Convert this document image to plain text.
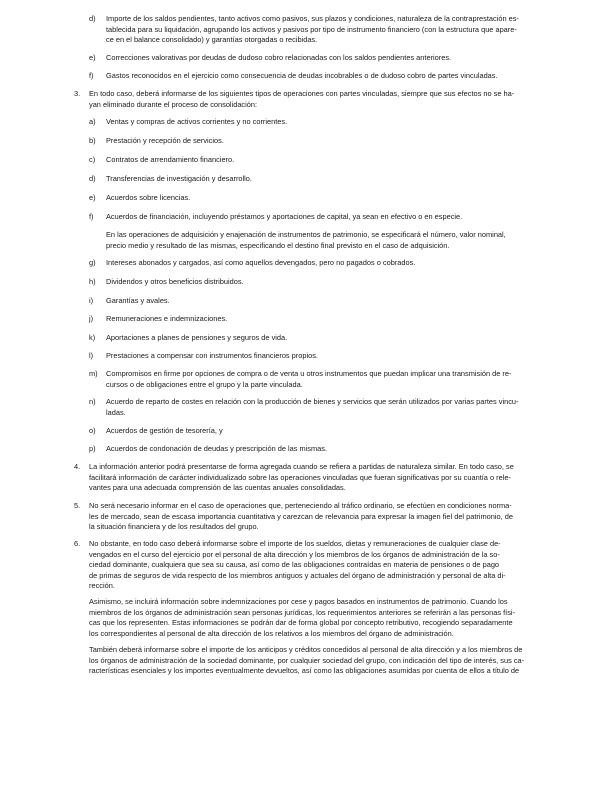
d) Importe de los saldos pendientes, tanto activos como pasivos, sus plazos y condiciones, naturaleza de la contraprestación es-
tablecida para su liquidación, agrupando los activos y pasivos por tipo de instrumento financiero (con la estructura que apare-
ce en el balance consolidado) y garantías otorgadas o recibidas.
e) Correcciones valorativas por deudas de dudoso cobro relacionadas con los saldos pendientes anteriores.
f) Gastos reconocidos en el ejercicio como consecuencia de deudas incobrables o de dudoso cobro de partes vinculadas.
3. En todo caso, deberá informarse de los siguientes tipos de operaciones con partes vinculadas, siempre que sus efectos no se ha-
yan eliminado durante el proceso de consolidación:
a) Ventas y compras de activos corrientes y no corrientes.
b) Prestación y recepción de servicios.
c) Contratos de arrendamiento financiero.
d) Transferencias de investigación y desarrollo.
e) Acuerdos sobre licencias.
f) Acuerdos de financiación, incluyendo préstamos y aportaciones de capital, ya sean en efectivo o en especie.
En las operaciones de adquisición y enajenación de instrumentos de patrimonio, se especificará el número, valor nominal,
precio medio y resultado de las mismas, especificando el destino final previsto en el caso de adquisición.
g) Intereses abonados y cargados, así como aquellos devengados, pero no pagados o cobrados.
h) Dividendos y otros beneficios distribuidos.
i) Garantías y avales.
j) Remuneraciones e indemnizaciones.
k) Aportaciones a planes de pensiones y seguros de vida.
l) Prestaciones a compensar con instrumentos financieros propios.
m) Compromisos en firme por opciones de compra o de venta u otros instrumentos que puedan implicar una transmisión de re-
cursos o de obligaciones entre el grupo y la parte vinculada.
n) Acuerdo de reparto de costes en relación con la producción de bienes y servicios que serán utilizados por varias partes vincu-
ladas.
o) Acuerdos de gestión de tesorería, y
p) Acuerdos de condonación de deudas y prescripción de las mismas.
4. La información anterior podrá presentarse de forma agregada cuando se refiera a partidas de naturaleza similar. En todo caso, se
facilitará información de carácter individualizado sobre las operaciones vinculadas que fueran significativas por su cuantía o rele-
vantes para una adecuada comprensión de las cuentas anuales consolidadas.
5. No será necesario informar en el caso de operaciones que, perteneciendo al tráfico ordinario, se efectúen en condiciones norma-
les de mercado, sean de escasa importancia cuantitativa y carezcan de relevancia para expresar la imagen fiel del patrimonio, de
la situación financiera y de los resultados del grupo.
6. No obstante, en todo caso deberá informarse sobre el importe de los sueldos, dietas y remuneraciones de cualquier clase de-
vengados en el curso del ejercicio por el personal de alta dirección y los miembros de los órganos de administración de la so-
ciedad dominante, cualquiera que sea su causa, así como de las obligaciones contraídas en materia de pensiones o de pago
de primas de seguros de vida respecto de los miembros antiguos y actuales del órgano de administración y personal de alta di-
rección.
Asimismo, se incluirá información sobre indemnizaciones por cese y pagos basados en instrumentos de patrimonio. Cuando los
miembros de los órganos de administración sean personas jurídicas, los requerimientos anteriores se referirán a las personas físi-
cas que los representen. Estas informaciones se podrán dar de forma global por concepto retributivo, recogiendo separadamente
los correspondientes al personal de alta dirección de los relativos a los miembros del órgano de administración.
También deberá informarse sobre el importe de los anticipos y créditos concedidos al personal de alta dirección y a los miembros de
los órganos de administración de la sociedad dominante, por cualquier sociedad del grupo, con indicación del tipo de interés, sus ca-
racterísticas esenciales y los importes eventualmente devueltos, así como las obligaciones asumidas por cuenta de ellos a título de
